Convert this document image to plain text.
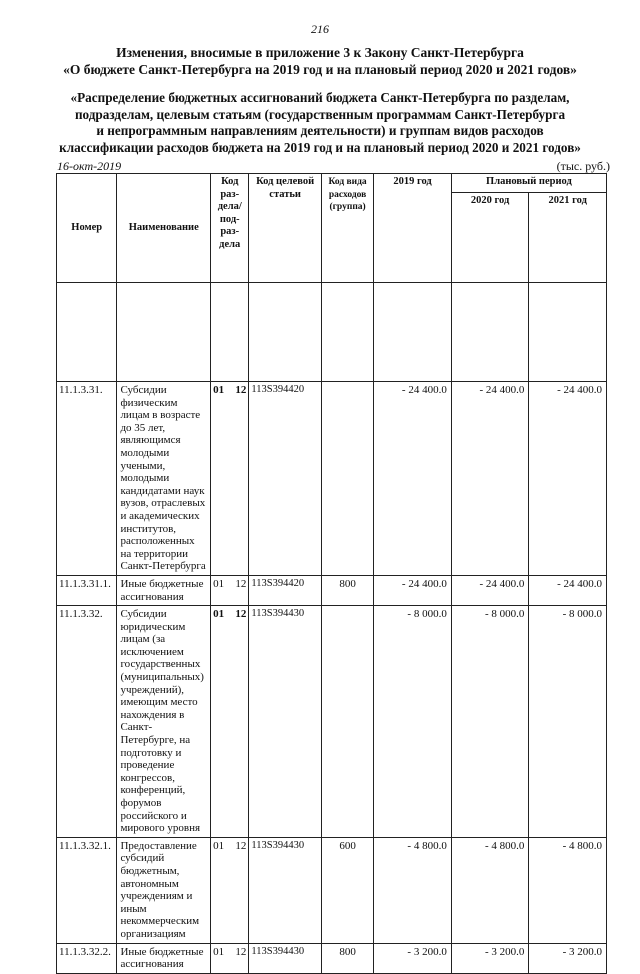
216
Изменения, вносимые в приложение 3 к Закону Санкт-Петербурга
«О бюджете Санкт-Петербурга на 2019 год и на плановый период 2020 и 2021 годов»
«Распределение бюджетных ассигнований бюджета Санкт-Петербурга по разделам,
подразделам, целевым статьям (государственным программам Санкт-Петербурга
и непрограммным направлениям деятельности) и группам видов расходов
классификации расходов бюджета на 2019 год и на плановый период 2020 и 2021 годов»
16-окт-2019	(тыс. руб.)
Номер	Наименование	Код раз- дела/ под- раз- дела	Код целевой статьи	Код вида расходов (группа)	2019 год	Плановый период	
						2020 год	2021 год

11.1.3.31.	Субсидии физическим лицам в возрасте до 35 лет, являющимся молодыми учеными, молодыми кандидатами наук вузов, отраслевых и академических институтов, расположенных на территории Санкт-Петербурга	01 12	113S394420		- 24 400.0	- 24 400.0	- 24 400.0
11.1.3.31.1.	Иные бюджетные ассигнования	01 12	113S394420	800	- 24 400.0	- 24 400.0	- 24 400.0
11.1.3.32.	Субсидии юридическим лицам (за исключением государственных (муниципальных) учреждений), имеющим место нахождения в Санкт-Петербурге, на подготовку и проведение конгрессов, конференций, форумов российского и мирового уровня	01 12	113S394430		- 8 000.0	- 8 000.0	- 8 000.0
11.1.3.32.1.	Предоставление субсидий бюджетным, автономным учреждениям и иным некоммерческим организациям	01 12	113S394430	600	- 4 800.0	- 4 800.0	- 4 800.0
11.1.3.32.2.	Иные бюджетные ассигнования	01 12	113S394430	800	- 3 200.0	- 3 200.0	- 3 200.0
